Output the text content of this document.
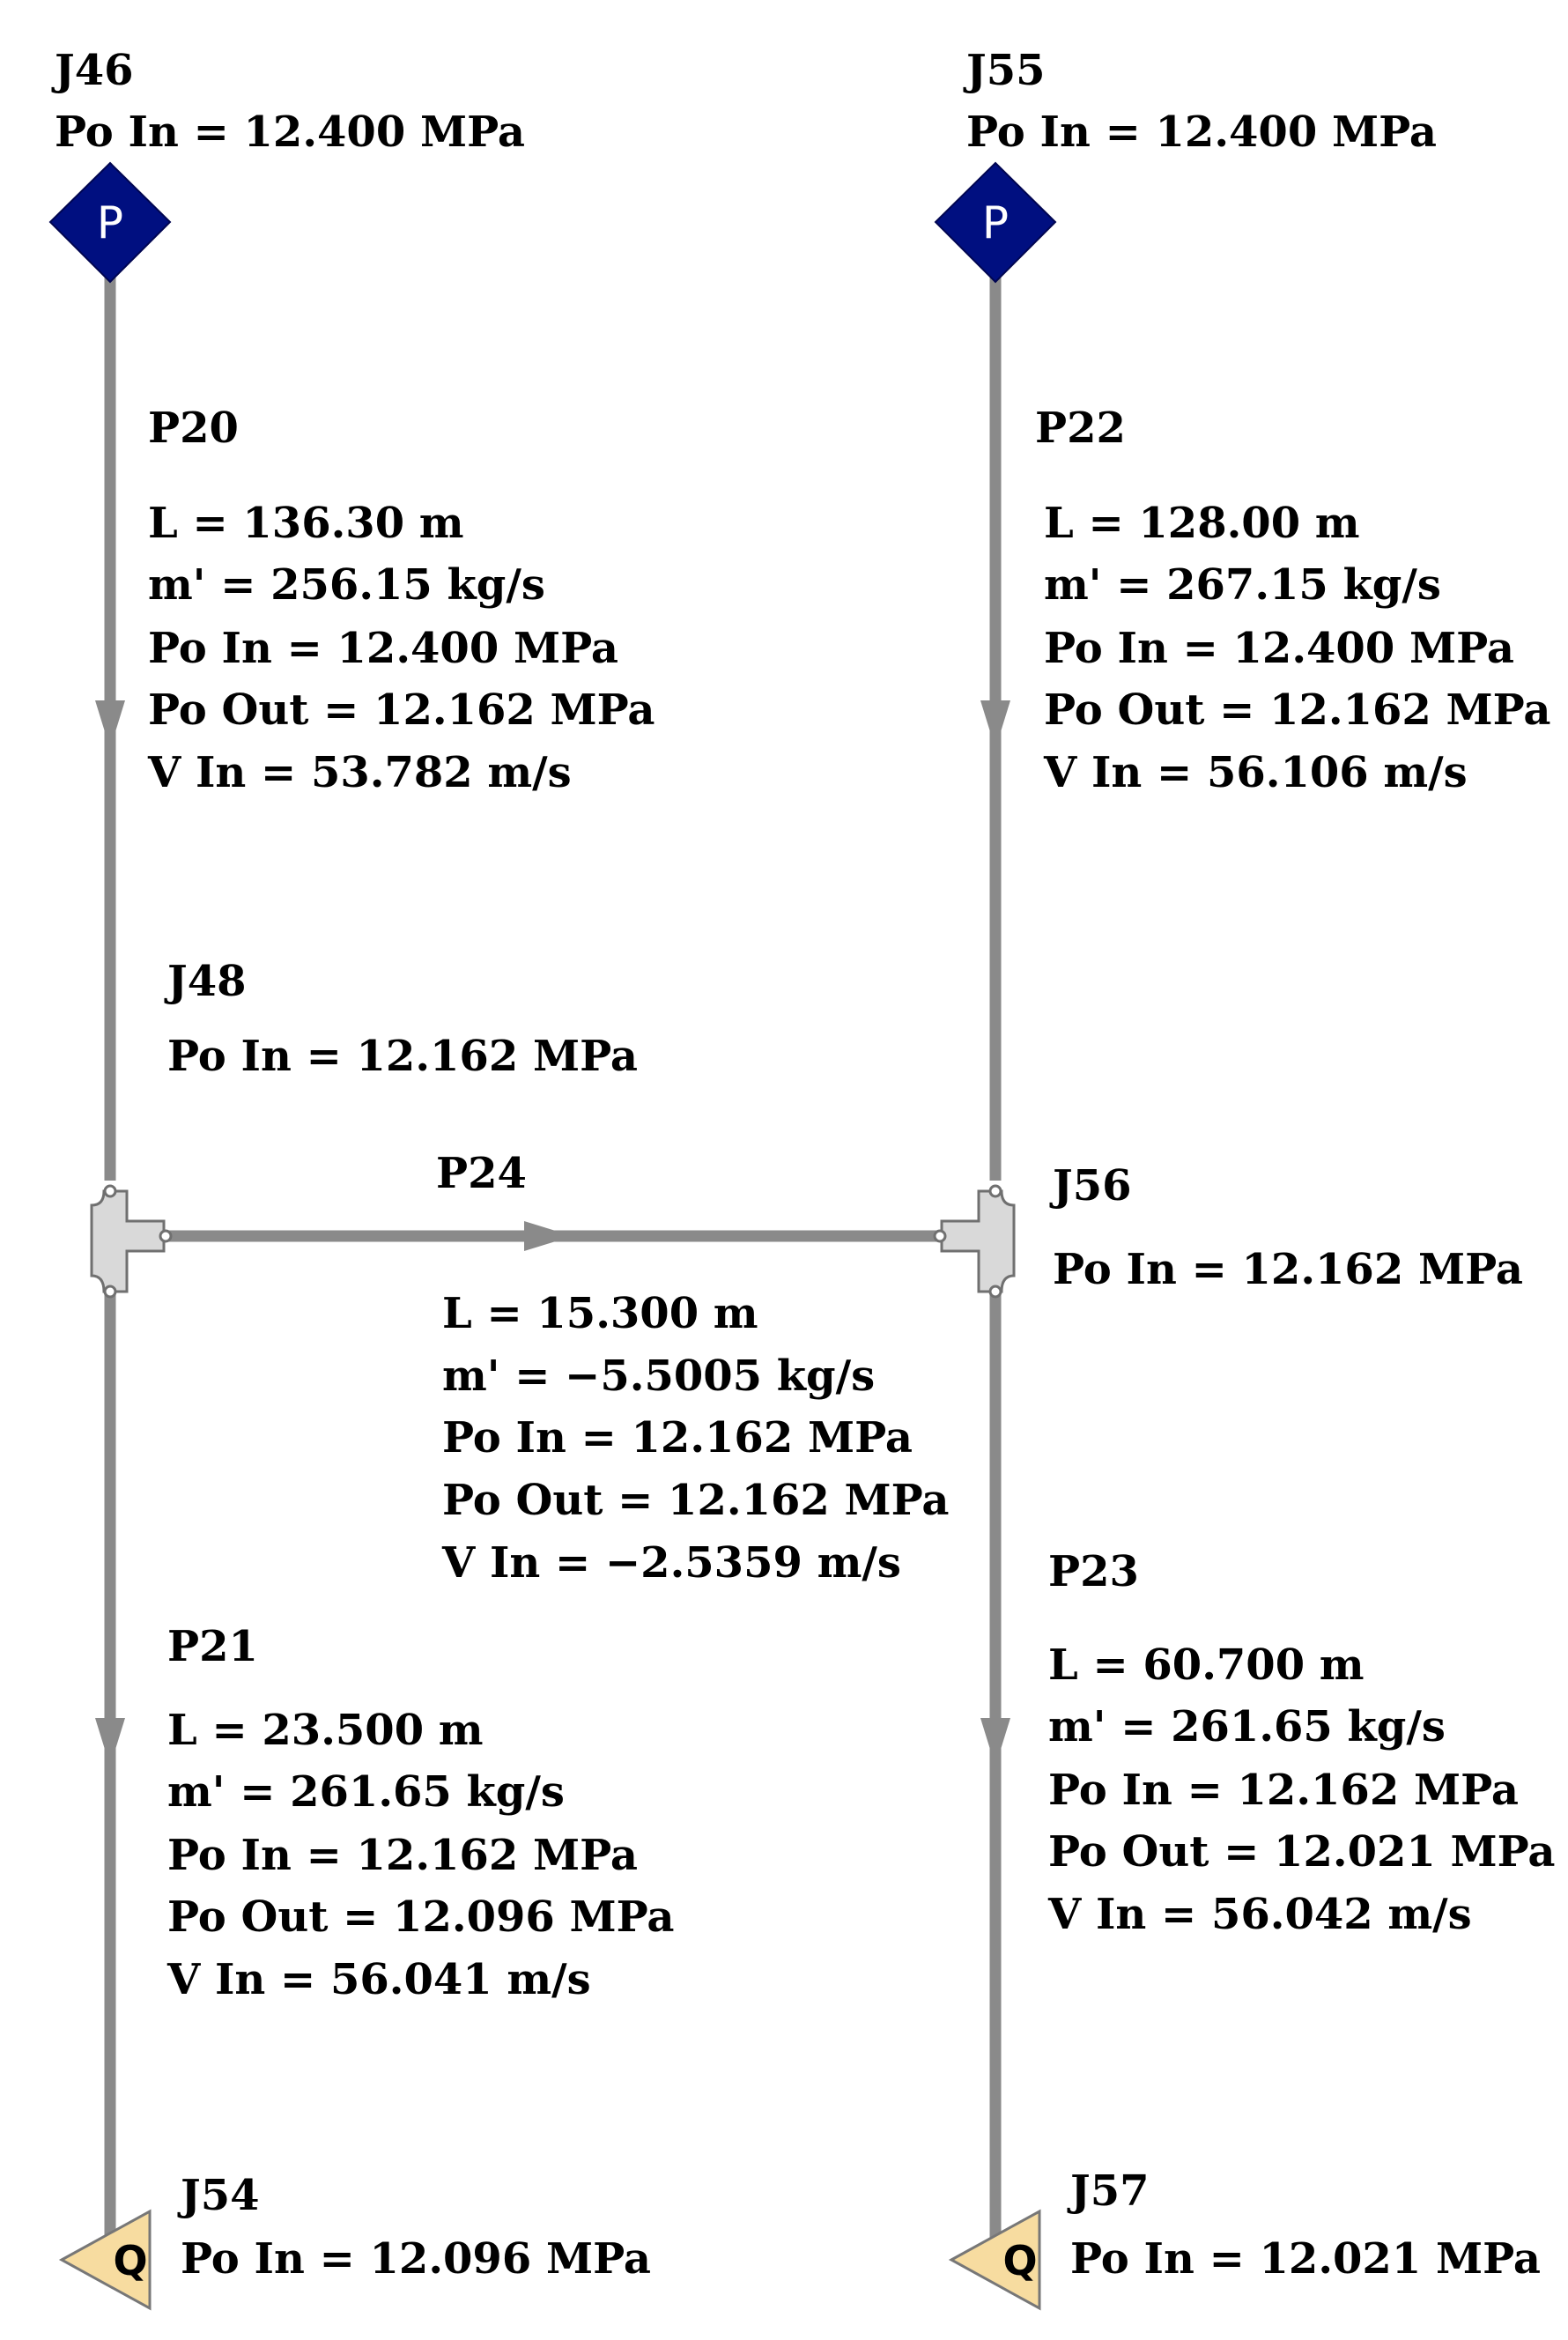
P	P
Q	Q
J46
Po In = 12.400 MPa
J55
Po In = 12.400 MPa
J48
Po In = 12.162 MPa
J56
Po In = 12.162 MPa
J54
Po In = 12.096 MPa
J57
Po In = 12.021 MPa
P20
L = 136.30 m
m' = 256.15 kg/s
Po In = 12.400 MPa
Po Out = 12.162 MPa
V In = 53.782 m/s
P22
L = 128.00 m
m' = 267.15 kg/s
Po In = 12.400 MPa
Po Out = 12.162 MPa
V In = 56.106 m/s
P24
L = 15.300 m
m' = −5.5005 kg/s
Po In = 12.162 MPa
Po Out = 12.162 MPa
V In = −2.5359 m/s
P21
L = 23.500 m
m' = 261.65 kg/s
Po In = 12.162 MPa
Po Out = 12.096 MPa
V In = 56.041 m/s
P23
L = 60.700 m
m' = 261.65 kg/s
Po In = 12.162 MPa
Po Out = 12.021 MPa
V In = 56.042 m/s
